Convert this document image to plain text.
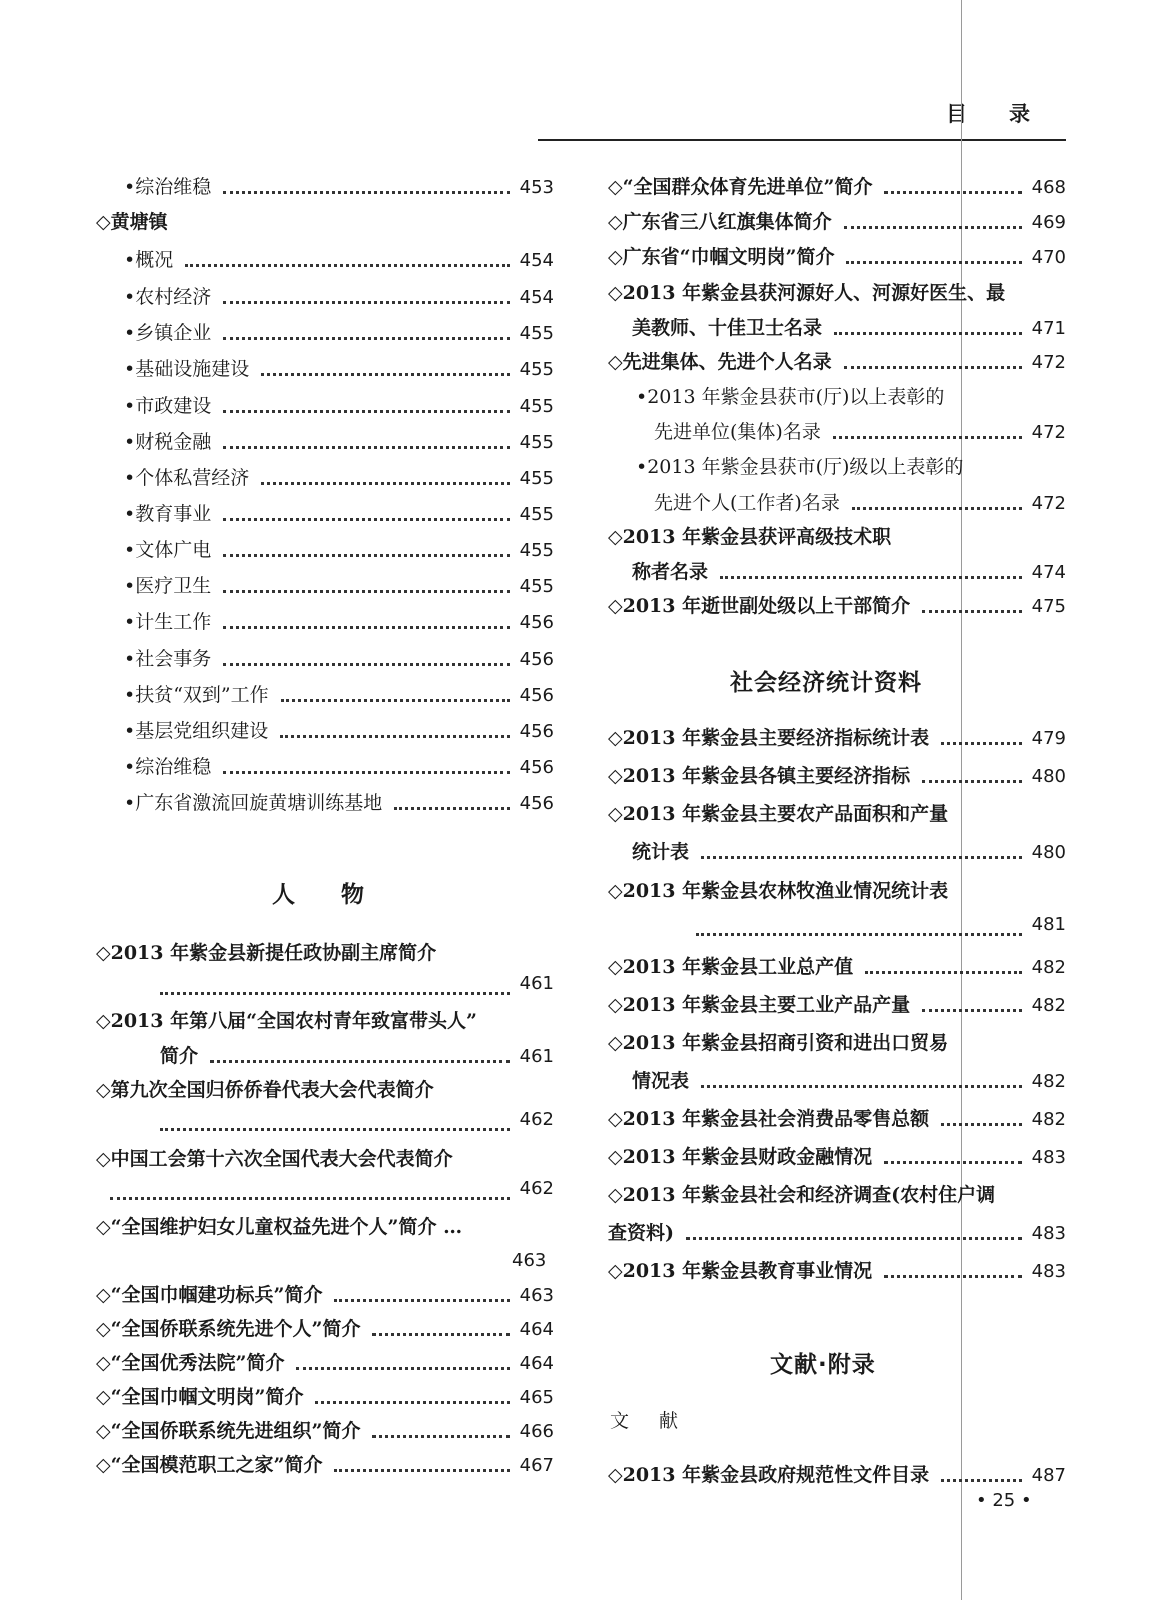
目录
•综治维稳	453
◇黄塘镇
•概况	454
•农村经济	454
•乡镇企业	455
•基础设施建设	455
•市政建设	455
•财税金融	455
•个体私营经济	455
•教育事业	455
•文体广电	455
•医疗卫生	455
•计生工作	456
•社会事务	456
•扶贫“双到”工作	456
•基层党组织建设	456
•综治维稳	456
•广东省激流回旋黄塘训练基地	456
人物
◇2013 年紫金县新提任政协副主席简介
461
◇2013 年第八届“全国农村青年致富带头人”
简介	461
◇第九次全国归侨侨眷代表大会代表简介
462
◇中国工会第十六次全国代表大会代表简介
462
◇“全国维护妇女儿童权益先进个人”简介 …
463
◇“全国巾帼建功标兵”简介	463
◇“全国侨联系统先进个人”简介	464
◇“全国优秀法院”简介	464
◇“全国巾帼文明岗”简介	465
◇“全国侨联系统先进组织”简介	466
◇“全国模范职工之家”简介	467
◇“全国群众体育先进单位”简介	468
◇广东省三八红旗集体简介	469
◇广东省“巾帼文明岗”简介	470
◇2013 年紫金县获河源好人、河源好医生、最
美教师、十佳卫士名录	471
◇先进集体、先进个人名录	472
•2013 年紫金县获市(厅)以上表彰的
先进单位(集体)名录	472
•2013 年紫金县获市(厅)级以上表彰的
先进个人(工作者)名录	472
◇2013 年紫金县获评高级技术职
称者名录	474
◇2013 年逝世副处级以上干部简介	475
社会经济统计资料
◇2013 年紫金县主要经济指标统计表	479
◇2013 年紫金县各镇主要经济指标	480
◇2013 年紫金县主要农产品面积和产量
统计表	480
◇2013 年紫金县农林牧渔业情况统计表
481
◇2013 年紫金县工业总产值	482
◇2013 年紫金县主要工业产品产量	482
◇2013 年紫金县招商引资和进出口贸易
情况表	482
◇2013 年紫金县社会消费品零售总额	482
◇2013 年紫金县财政金融情况	483
◇2013 年紫金县社会和经济调查(农村住户调
查资料)	483
◇2013 年紫金县教育事业情况	483
文献·附录
文献
◇2013 年紫金县政府规范性文件目录	487
• 25 •
